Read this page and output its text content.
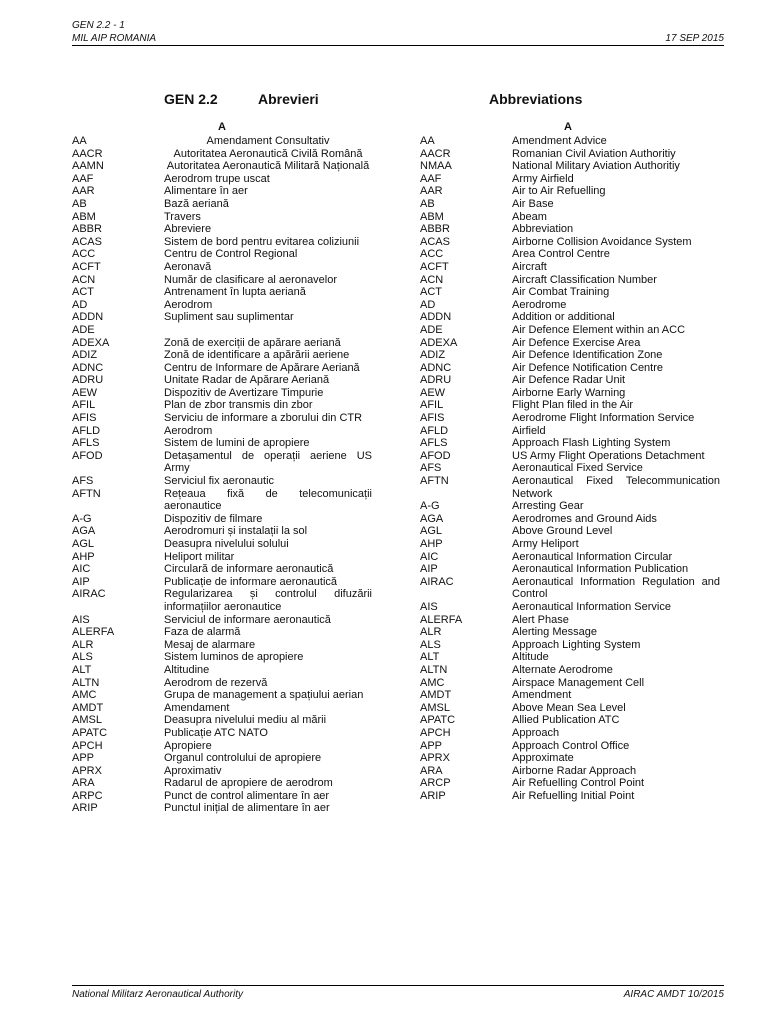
GEN 2.2 - 1
MIL AIP ROMANIA	17 SEP 2015
GEN 2.2	Abrevieri	Abbreviations
A	A
AA	Amendament Consultativ
AACR	Autoritatea Aeronautică Civilă Română
AAMN	Autoritatea Aeronautică Militară Națională
AAF	Aerodrom trupe uscat
AAR	Alimentare în aer
AB	Bază aeriană
ABM	Travers
ABBR	Abreviere
ACAS	Sistem de bord pentru evitarea coliziunii
ACC	Centru de Control Regional
ACFT	Aeronavă
ACN	Număr de clasificare al aeronavelor
ACT	Antrenament în lupta aeriană
AD	Aerodrom
ADDN	Supliment sau suplimentar
ADE
ADEXA	Zonă de exerciții de apărare aeriană
ADIZ	Zonă de identificare a apărării aeriene
ADNC	Centru de Informare de Apărare Aeriană
ADRU	Unitate Radar de Apărare Aeriană
AEW	Dispozitiv de Avertizare Timpurie
AFIL	Plan de zbor transmis din zbor
AFIS	Serviciu de informare a zborului din CTR
AFLD	Aerodrom
AFLS	Sistem de lumini de apropiere
AFOD	Detașamentul de operații aeriene US Army
AFS	Serviciul fix aeronautic
AFTN	Rețeaua fixă de telecomunicații aeronautice
A-G	Dispozitiv de filmare
AGA	Aerodromuri și instalații la sol
AGL	Deasupra nivelului solului
AHP	Heliport militar
AIC	Circulară de informare aeronautică
AIP	Publicație de informare aeronautică
AIRAC	Regularizarea și controlul difuzării informațiilor aeronautice
AIS	Serviciul de informare aeronautică
ALERFA	Faza de alarmă
ALR	Mesaj de alarmare
ALS	Sistem luminos de apropiere
ALT	Altitudine
ALTN	Aerodrom de rezervă
AMC	Grupa de management a spațiului aerian
AMDT	Amendament
AMSL	Deasupra nivelului mediu al mării
APATC	Publicație ATC NATO
APCH	Apropiere
APP	Organul controlului de apropiere
APRX	Aproximativ
ARA	Radarul de apropiere de aerodrom
ARPC	Punct de control alimentare în aer
ARIP	Punctul inițial de alimentare în aer
AA	Amendment Advice
AACR	Romanian Civil Aviation Authoritiy
NMAA	National Military Aviation Authoritiy
AAF	Army Airfield
AAR	Air to Air Refuelling
AB	Air Base
ABM	Abeam
ABBR	Abbreviation
ACAS	Airborne Collision Avoidance System
ACC	Area Control Centre
ACFT	Aircraft
ACN	Aircraft Classification Number
ACT	Air Combat Training
AD	Aerodrome
ADDN	Addition or additional
ADE	Air Defence Element within an ACC
ADEXA	Air Defence Exercise Area
ADIZ	Air Defence Identification Zone
ADNC	Air Defence Notification Centre
ADRU	Air Defence Radar Unit
AEW	Airborne Early Warning
AFIL	Flight Plan filed in the Air
AFIS	Aerodrome Flight Information Service
AFLD	Airfield
AFLS	Approach Flash Lighting System
AFOD	US Army Flight Operations Detachment
AFS	Aeronautical Fixed Service
AFTN	Aeronautical Fixed Telecommunication Network
A-G	Arresting Gear
AGA	Aerodromes and Ground Aids
AGL	Above Ground Level
AHP	Army Heliport
AIC	Aeronautical Information Circular
AIP	Aeronautical Information Publication
AIRAC	Aeronautical Information Regulation and Control
AIS	Aeronautical Information Service
ALERFA	Alert Phase
ALR	Alerting Message
ALS	Approach Lighting System
ALT	Altitude
ALTN	Alternate Aerodrome
AMC	Airspace Management Cell
AMDT	Amendment
AMSL	Above Mean Sea Level
APATC	Allied Publication ATC
APCH	Approach
APP	Approach Control Office
APRX	Approximate
ARA	Airborne Radar Approach
ARCP	Air Refuelling Control Point
ARIP	Air Refuelling Initial Point
National Militarz Aeronautical Authority	AIRAC AMDT 10/2015
